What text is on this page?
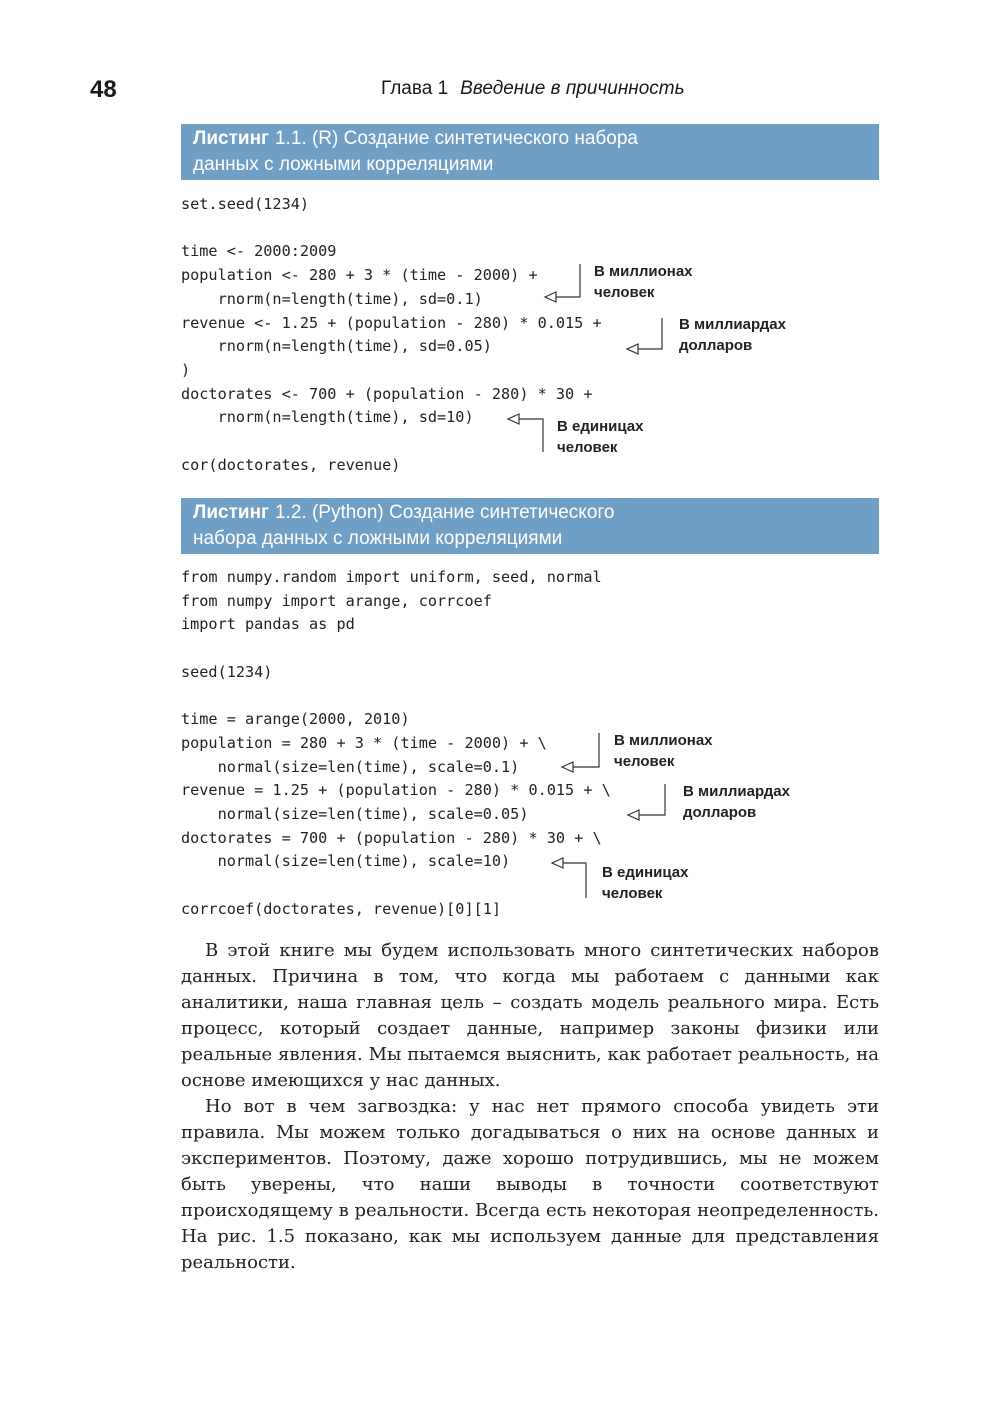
48	Глава 1 Введение в причинность
Листинг 1.1. (R) Создание синтетического набора
данных с ложными корреляциями
set.seed(1234)

time <- 2000:2009
population <- 280 + 3 * (time - 2000) +
rnorm(n=length(time), sd=0.1)
revenue <- 1.25 + (population - 280) * 0.015 +
rnorm(n=length(time), sd=0.05)
)
doctorates <- 700 + (population - 280) * 30 +
rnorm(n=length(time), sd=10)

cor(doctorates, revenue)
В миллионах
человек
В миллиардах
долларов
В единицах
человек
Листинг 1.2. (Python) Создание синтетического
набора данных с ложными корреляциями
from numpy.random import uniform, seed, normal
from numpy import arange, corrcoef
import pandas as pd

seed(1234)

time = arange(2000, 2010)
population = 280 + 3 * (time - 2000) + \
normal(size=len(time), scale=0.1)
revenue = 1.25 + (population - 280) * 0.015 + \
normal(size=len(time), scale=0.05)
doctorates = 700 + (population - 280) * 30 + \
normal(size=len(time), scale=10)

corrcoef(doctorates, revenue)[0][1]
В миллионах
человек
В миллиардах
долларов
В единицах
человек

В этой книге мы будем использовать много синтетических наборов данных. Причина в том, что когда мы работаем с данными как аналитики, наша главная цель – создать модель реального мира. Есть процесс, который создает данные, например законы физики или реальные явления. Мы пытаемся выяснить, как работает реальность, на основе имеющихся у нас данных.

Но вот в чем загвоздка: у нас нет прямого способа увидеть эти правила. Мы можем только догадываться о них на основе данных и экспериментов. Поэтому, даже хорошо потрудившись, мы не можем быть уверены, что наши выводы в точности соответствуют происходящему в реальности. Всегда есть некоторая неопределенность. На рис. 1.5 показано, как мы используем данные для представления реальности.
